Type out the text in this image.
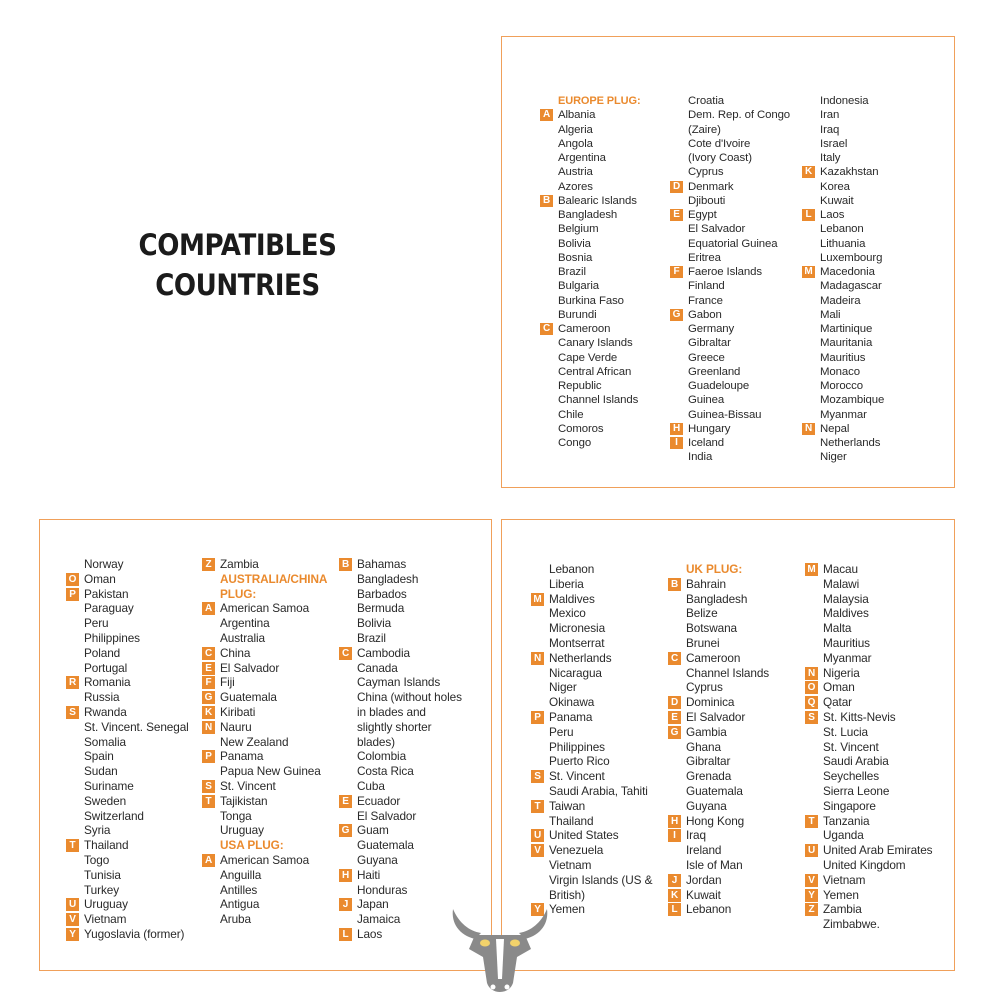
COMPATIBLES
COUNTRIES
EUROPE PLUG:
A Albania
Algeria
Angola
Argentina
Austria
Azores
B Balearic Islands
Bangladesh
Belgium
Bolivia
Bosnia
Brazil
Bulgaria
Burkina Faso
Burundi
C Cameroon
Canary Islands
Cape Verde
Central African
Republic
Channel Islands
Chile
Comoros
Congo
Croatia
Dem. Rep. of Congo
(Zaire)
Cote d'Ivoire
(Ivory Coast)
Cyprus
D Denmark
Djibouti
E Egypt
El Salvador
Equatorial Guinea
Eritrea
F Faeroe Islands
Finland
France
G Gabon
Germany
Gibraltar
Greece
Greenland
Guadeloupe
Guinea
Guinea-Bissau
H Hungary
I Iceland
India
Indonesia
Iran
Iraq
Israel
Italy
K Kazakhstan
Korea
Kuwait
L Laos
Lebanon
Lithuania
Luxembourg
M Macedonia
Madagascar
Madeira
Mali
Martinique
Mauritania
Mauritius
Monaco
Morocco
Mozambique
Myanmar
N Nepal
Netherlands
Niger
Norway
O Oman
P Pakistan
Paraguay
Peru
Philippines
Poland
Portugal
R Romania
Russia
S Rwanda
St. Vincent. Senegal
Somalia
Spain
Sudan
Suriname
Sweden
Switzerland
Syria
T Thailand
Togo
Tunisia
Turkey
U Uruguay
V Vietnam
Y Yugoslavia (former)
Z Zambia
AUSTRALIA/CHINA
PLUG:
A American Samoa
Argentina
Australia
C China
E El Salvador
F Fiji
G Guatemala
K Kiribati
N Nauru
New Zealand
P Panama
Papua New Guinea
S St. Vincent
T Tajikistan
Tonga
Uruguay
USA PLUG:
A American Samoa
Anguilla
Antilles
Antigua
Aruba
B Bahamas
Bangladesh
Barbados
Bermuda
Bolivia
Brazil
C Cambodia
Canada
Cayman Islands
China (without holes
in blades and
slightly shorter
blades)
Colombia
Costa Rica
Cuba
E Ecuador
El Salvador
G Guam
Guatemala
Guyana
H Haiti
Honduras
J Japan
Jamaica
L Laos
Lebanon
Liberia
M Maldives
Mexico
Micronesia
Montserrat
N Netherlands
Nicaragua
Niger
Okinawa
P Panama
Peru
Philippines
Puerto Rico
S St. Vincent
Saudi Arabia, Tahiti
T Taiwan
Thailand
U United States
V Venezuela
Vietnam
Virgin Islands (US &
British)
Y Yemen
UK PLUG:
B Bahrain
Bangladesh
Belize
Botswana
Brunei
C Cameroon
Channel Islands
Cyprus
D Dominica
E El Salvador
G Gambia
Ghana
Gibraltar
Grenada
Guatemala
Guyana
H Hong Kong
I Iraq
Ireland
Isle of Man
J Jordan
K Kuwait
L Lebanon
M Macau
Malawi
Malaysia
Maldives
Malta
Mauritius
Myanmar
N Nigeria
O Oman
Q Qatar
S St. Kitts-Nevis
St. Lucia
St. Vincent
Saudi Arabia
Seychelles
Sierra Leone
Singapore
T Tanzania
Uganda
U United Arab Emirates
United Kingdom
V Vietnam
Y Yemen
Z Zambia
Zimbabwe.
